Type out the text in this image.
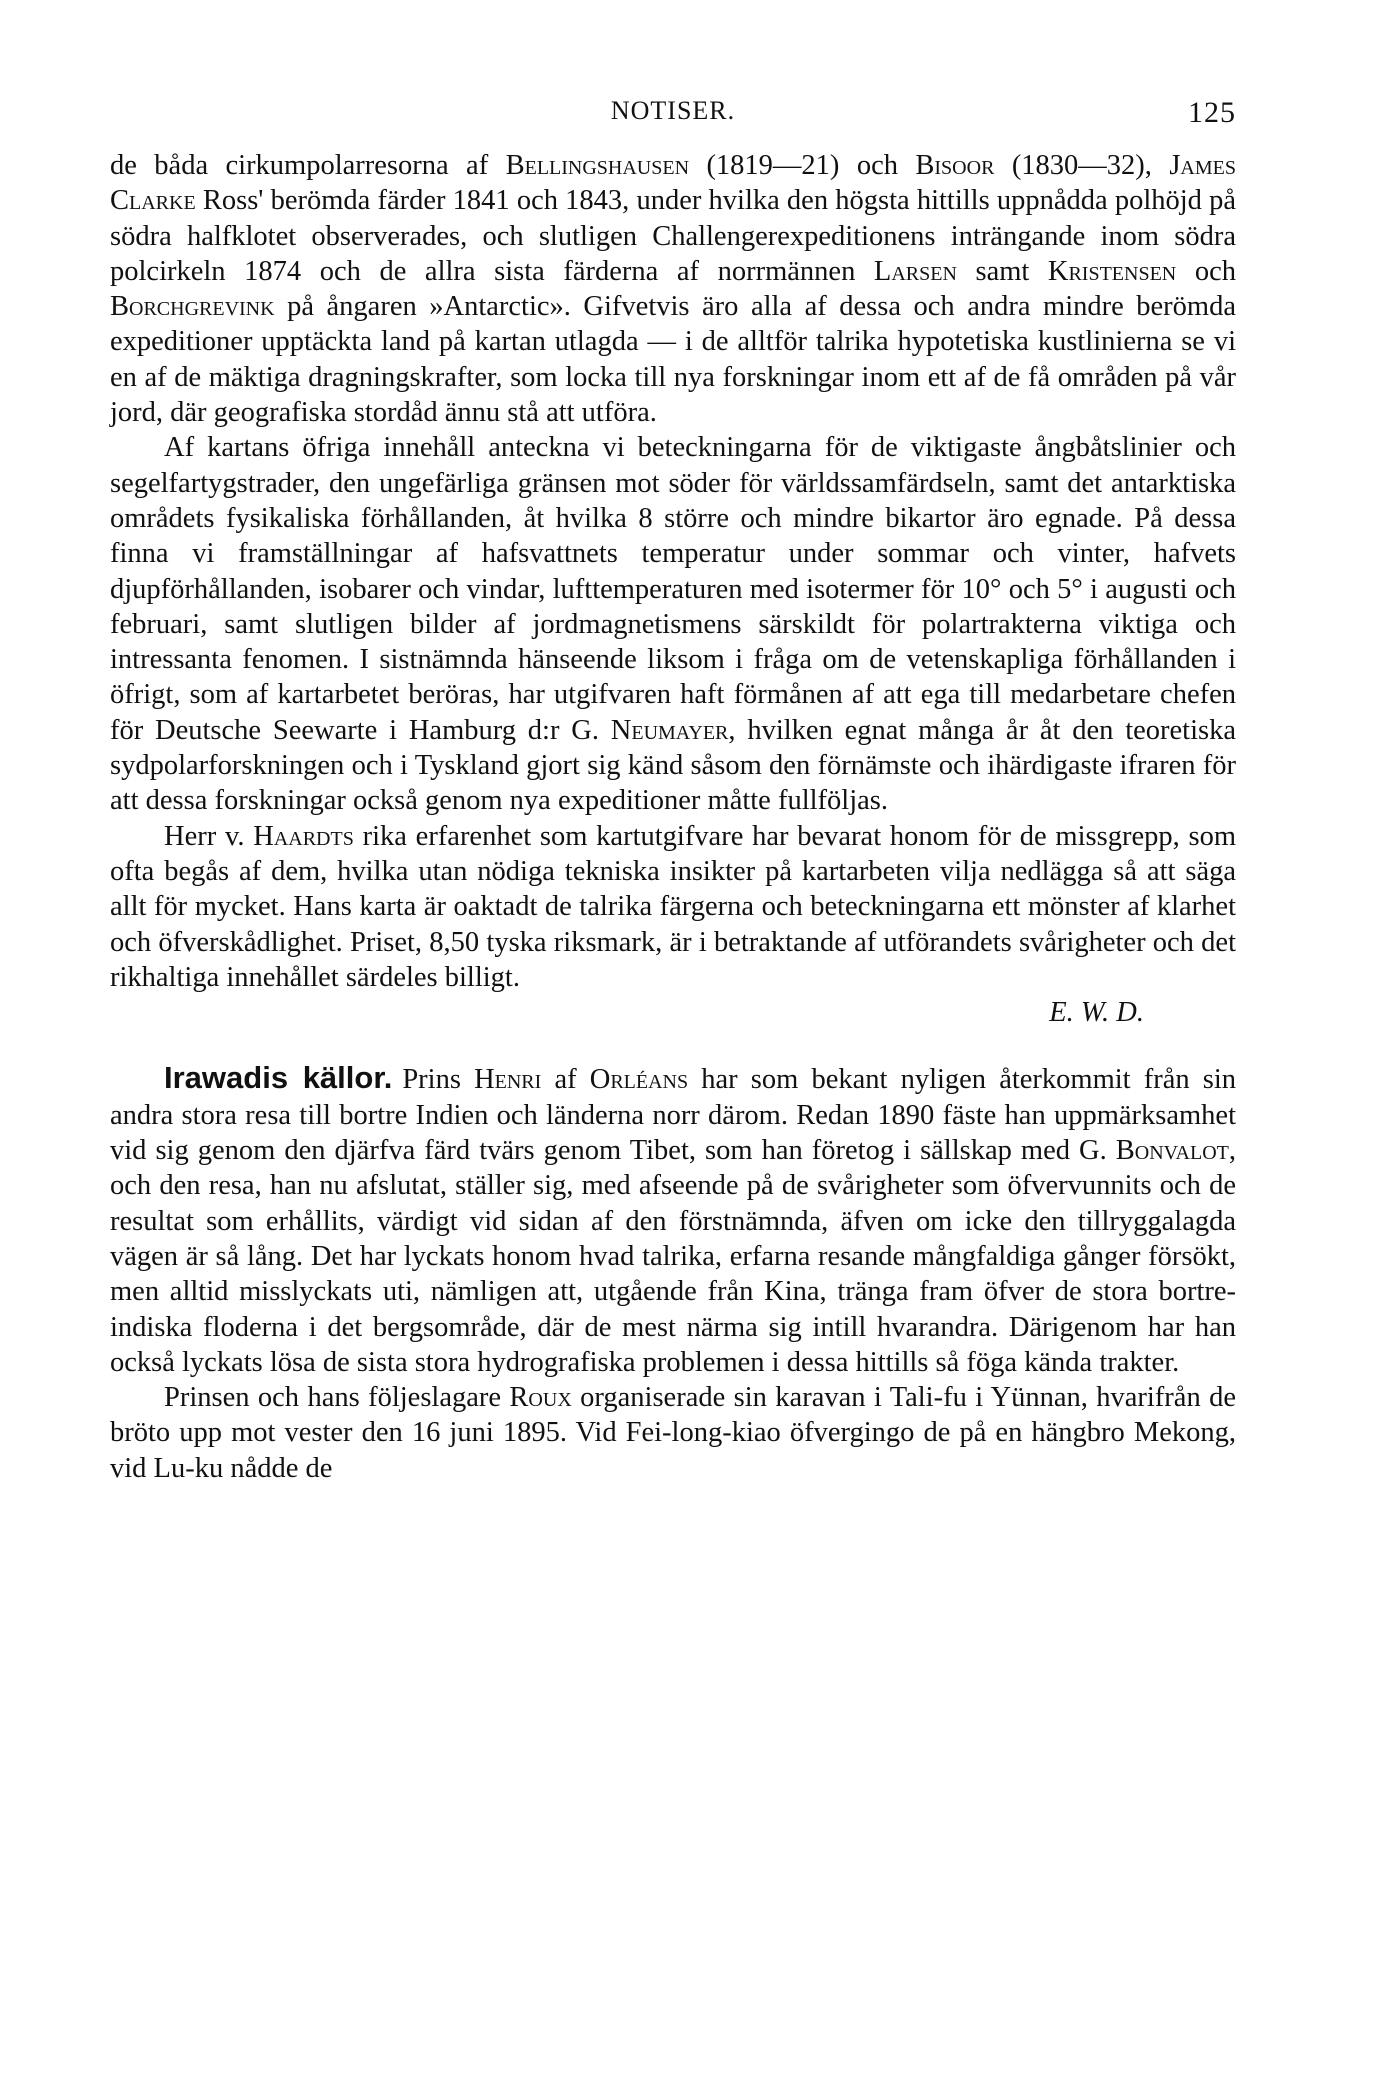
NOTISER.	125

de båda cirkumpolarresorna af Bellingshausen (1819—21) och Bisoor (1830—32), James Clarke Ross' berömda färder 1841 och 1843, under hvilka den högsta hittills uppnådda polhöjd på södra halfklotet observerades, och slutligen Challengerexpeditionens inträngande inom södra polcirkeln 1874 och de allra sista färderna af norrmännen Larsen samt Kristensen och Borchgrevink på ångaren »Antarctic». Gifvetvis äro alla af dessa och andra mindre berömda expeditioner upptäckta land på kartan utlagda — i de alltför talrika hypotetiska kustlinierna se vi en af de mäktiga dragningskrafter, som locka till nya forskningar inom ett af de få områden på vår jord, där geografiska stordåd ännu stå att utföra.

Af kartans öfriga innehåll anteckna vi beteckningarna för de viktigaste ångbåtslinier och segelfartygstrader, den ungefärliga gränsen mot söder för världssamfärdseln, samt det antarktiska områdets fysikaliska förhållanden, åt hvilka 8 större och mindre bikartor äro egnade. På dessa finna vi framställningar af hafsvattnets temperatur under sommar och vinter, hafvets djupförhållanden, isobarer och vindar, lufttemperaturen med isotermer för 10° och 5° i augusti och februari, samt slutligen bilder af jordmagnetismens särskildt för polartrakterna viktiga och intressanta fenomen. I sistnämnda hänseende liksom i fråga om de vetenskapliga förhållanden i öfrigt, som af kartarbetet beröras, har utgifvaren haft förmånen af att ega till medarbetare chefen för Deutsche Seewarte i Hamburg d:r G. Neumayer, hvilken egnat många år åt den teoretiska sydpolarforskningen och i Tyskland gjort sig känd såsom den förnämste och ihärdigaste ifraren för att dessa forskningar också genom nya expeditioner måtte fullföljas.

Herr v. Haardts rika erfarenhet som kartutgifvare har bevarat honom för de missgrepp, som ofta begås af dem, hvilka utan nödiga tekniska insikter på kartarbeten vilja nedlägga så att säga allt för mycket. Hans karta är oaktadt de talrika färgerna och beteckningarna ett mönster af klarhet och öfverskådlighet. Priset, 8,50 tyska riksmark, är i betraktande af utförandets svårigheter och det rikhaltiga innehållet särdeles billigt.

E. W. D.

Irawadis källor. Prins Henri af Orléans har som bekant nyligen återkommit från sin andra stora resa till bortre Indien och länderna norr därom. Redan 1890 fäste han uppmärksamhet vid sig genom den djärfva färd tvärs genom Tibet, som han företog i sällskap med G. Bonvalot, och den resa, han nu afslutat, ställer sig, med afseende på de svårigheter som öfvervunnits och de resultat som erhållits, värdigt vid sidan af den förstnämnda, äfven om icke den tillryggalagda vägen är så lång. Det har lyckats honom hvad talrika, erfarna resande mångfaldiga gånger försökt, men alltid misslyckats uti, nämligen att, utgående från Kina, tränga fram öfver de stora bortre-indiska floderna i det bergsområde, där de mest närma sig intill hvarandra. Därigenom har han också lyckats lösa de sista stora hydrografiska problemen i dessa hittills så föga kända trakter.

Prinsen och hans följeslagare Roux organiserade sin karavan i Tali-fu i Yünnan, hvarifrån de bröto upp mot vester den 16 juni 1895. Vid Fei-long-kiao öfvergingo de på en hängbro Mekong, vid Lu-ku nådde de
